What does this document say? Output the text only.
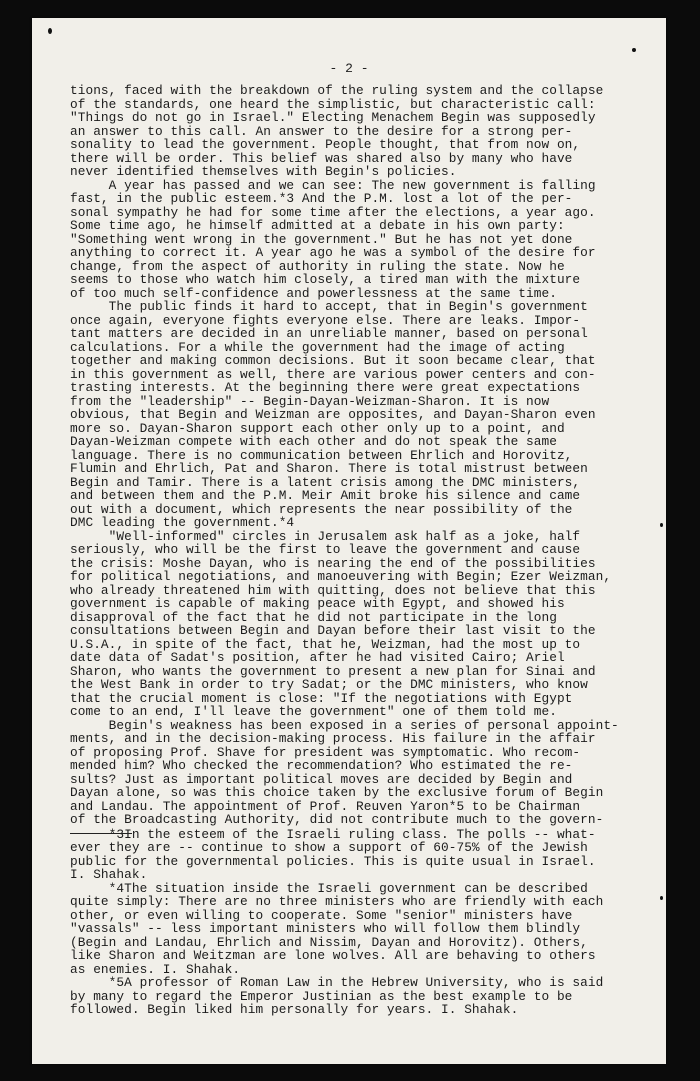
- 2 -
tions, faced with the breakdown of the ruling system and the collapse
of the standards, one heard the simplistic, but characteristic call:
"Things do not go in Israel." Electing Menachem Begin was supposedly
an answer to this call. An answer to the desire for a strong per-
sonality to lead the government. People thought, that from now on,
there will be order. This belief was shared also by many who have
never identified themselves with Begin's policies.
A year has passed and we can see: The new government is falling
fast, in the public esteem.*3 And the P.M. lost a lot of the per-
sonal sympathy he had for some time after the elections, a year ago.
Some time ago, he himself admitted at a debate in his own party:
"Something went wrong in the government." But he has not yet done
anything to correct it. A year ago he was a symbol of the desire for
change, from the aspect of authority in ruling the state. Now he
seems to those who watch him closely, a tired man with the mixture
of too much self-confidence and powerlessness at the same time.
The public finds it hard to accept, that in Begin's government
once again, everyone fights everyone else. There are leaks. Impor-
tant matters are decided in an unreliable manner, based on personal
calculations. For a while the government had the image of acting
together and making common decisions. But it soon became clear, that
in this government as well, there are various power centers and con-
trasting interests. At the beginning there were great expectations
from the "leadership" -- Begin-Dayan-Weizman-Sharon. It is now
obvious, that Begin and Weizman are opposites, and Dayan-Sharon even
more so. Dayan-Sharon support each other only up to a point, and
Dayan-Weizman compete with each other and do not speak the same
language. There is no communication between Ehrlich and Horovitz,
Flumin and Ehrlich, Pat and Sharon. There is total mistrust between
Begin and Tamir. There is a latent crisis among the DMC ministers,
and between them and the P.M. Meir Amit broke his silence and came
out with a document, which represents the near possibility of the
DMC leading the government.*4
"Well-informed" circles in Jerusalem ask half as a joke, half
seriously, who will be the first to leave the government and cause
the crisis: Moshe Dayan, who is nearing the end of the possibilities
for political negotiations, and manoeuvering with Begin; Ezer Weizman,
who already threatened him with quitting, does not believe that this
government is capable of making peace with Egypt, and showed his
disapproval of the fact that he did not participate in the long
consultations between Begin and Dayan before their last visit to the
U.S.A., in spite of the fact, that he, Weizman, had the most up to
date data of Sadat's position, after he had visited Cairo; Ariel
Sharon, who wants the government to present a new plan for Sinai and
the West Bank in order to try Sadat; or the DMC ministers, who know
that the crucial moment is close: "If the negotiations with Egypt
come to an end, I'll leave the government" one of them told me.
Begin's weakness has been exposed in a series of personal appoint-
ments, and in the decision-making process. His failure in the affair
of proposing Prof. Shave for president was symptomatic. Who recom-
mended him? Who checked the recommendation? Who estimated the re-
sults? Just as important political moves are decided by Begin and
Dayan alone, so was this choice taken by the exclusive forum of Begin
and Landau. The appointment of Prof. Reuven Yaron*5 to be Chairman
of the Broadcasting Authority, did not contribute much to the govern-
*3In the esteem of the Israeli ruling class. The polls -- what-
ever they are -- continue to show a support of 60-75% of the Jewish
public for the governmental policies. This is quite usual in Israel.
I. Shahak.
*4The situation inside the Israeli government can be described
quite simply: There are no three ministers who are friendly with each
other, or even willing to cooperate. Some "senior" ministers have
"vassals" -- less important ministers who will follow them blindly
(Begin and Landau, Ehrlich and Nissim, Dayan and Horovitz). Others,
like Sharon and Weitzman are lone wolves. All are behaving to others
as enemies. I. Shahak.
*5A professor of Roman Law in the Hebrew University, who is said
by many to regard the Emperor Justinian as the best example to be
followed. Begin liked him personally for years. I. Shahak.
